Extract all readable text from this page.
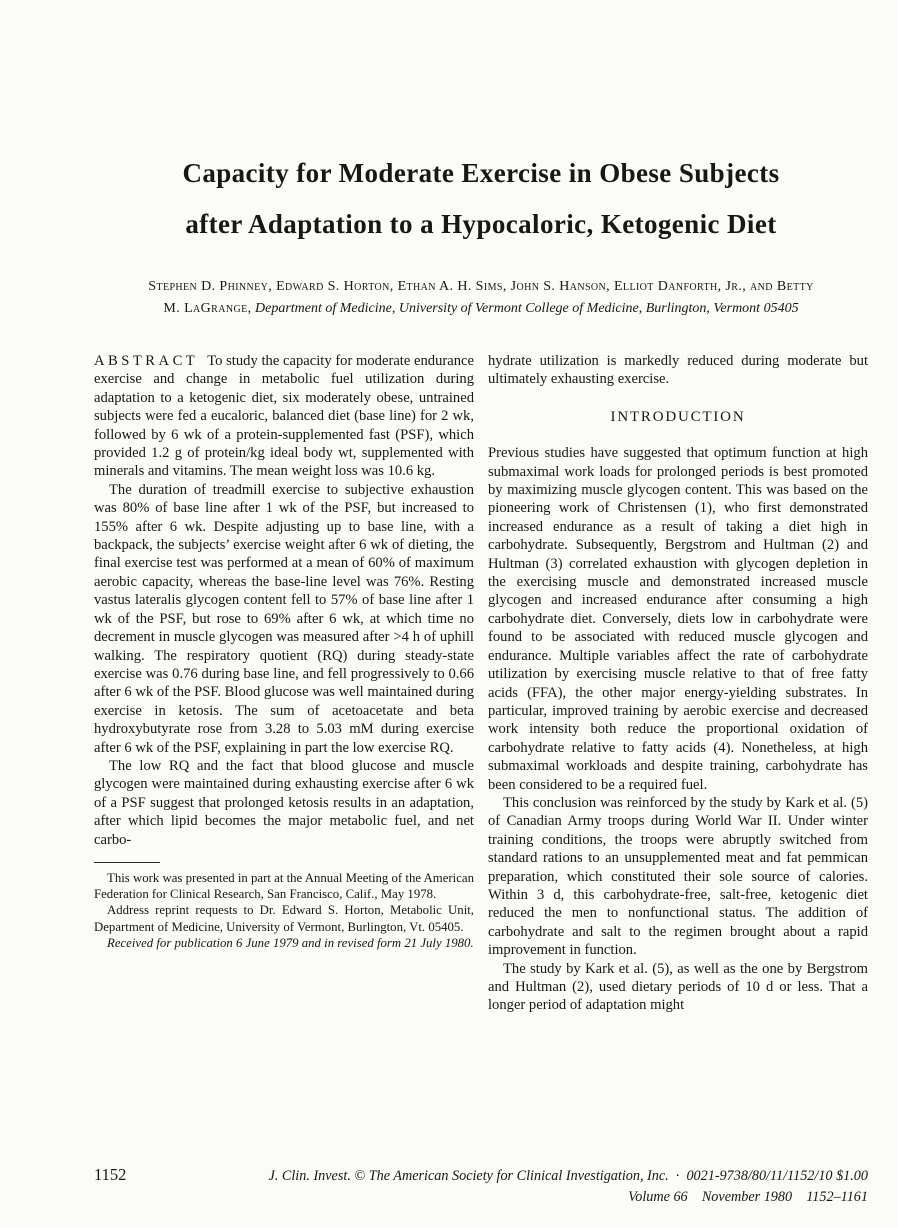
Capacity for Moderate Exercise in Obese Subjects
after Adaptation to a Hypocaloric, Ketogenic Diet

Stephen D. Phinney, Edward S. Horton, Ethan A. H. Sims, John S. Hanson, Elliot Danforth, Jr., and Betty M. LaGrange, Department of Medicine, University of Vermont College of Medicine, Burlington, Vermont 05405

ABSTRACT To study the capacity for moderate endurance exercise and change in metabolic fuel utilization during adaptation to a ketogenic diet, six moderately obese, untrained subjects were fed a eucaloric, balanced diet (base line) for 2 wk, followed by 6 wk of a protein-supplemented fast (PSF), which provided 1.2 g of protein/kg ideal body wt, supplemented with minerals and vitamins. The mean weight loss was 10.6 kg.

The duration of treadmill exercise to subjective exhaustion was 80% of base line after 1 wk of the PSF, but increased to 155% after 6 wk. Despite adjusting up to base line, with a backpack, the subjects’ exercise weight after 6 wk of dieting, the final exercise test was performed at a mean of 60% of maximum aerobic capacity, whereas the base-line level was 76%. Resting vastus lateralis glycogen content fell to 57% of base line after 1 wk of the PSF, but rose to 69% after 6 wk, at which time no decrement in muscle glycogen was measured after >4 h of uphill walking. The respiratory quotient (RQ) during steady-state exercise was 0.76 during base line, and fell progressively to 0.66 after 6 wk of the PSF. Blood glucose was well maintained during exercise in ketosis. The sum of acetoacetate and beta hydroxybutyrate rose from 3.28 to 5.03 mM during exercise after 6 wk of the PSF, explaining in part the low exercise RQ.

The low RQ and the fact that blood glucose and muscle glycogen were maintained during exhausting exercise after 6 wk of a PSF suggest that prolonged ketosis results in an adaptation, after which lipid becomes the major metabolic fuel, and net carbo-

This work was presented in part at the Annual Meeting of the American Federation for Clinical Research, San Francisco, Calif., May 1978.

Address reprint requests to Dr. Edward S. Horton, Metabolic Unit, Department of Medicine, University of Vermont, Burlington, Vt. 05405.

Received for publication 6 June 1979 and in revised form 21 July 1980.

hydrate utilization is markedly reduced during moderate but ultimately exhausting exercise.

INTRODUCTION

Previous studies have suggested that optimum function at high submaximal work loads for prolonged periods is best promoted by maximizing muscle glycogen content. This was based on the pioneering work of Christensen (1), who first demonstrated increased endurance as a result of taking a diet high in carbohydrate. Subsequently, Bergstrom and Hultman (2) and Hultman (3) correlated exhaustion with glycogen depletion in the exercising muscle and demonstrated increased muscle glycogen and increased endurance after consuming a high carbohydrate diet. Conversely, diets low in carbohydrate were found to be associated with reduced muscle glycogen and endurance. Multiple variables affect the rate of carbohydrate utilization by exercising muscle relative to that of free fatty acids (FFA), the other major energy-yielding substrates. In particular, improved training by aerobic exercise and decreased work intensity both reduce the proportional oxidation of carbohydrate relative to fatty acids (4). Nonetheless, at high submaximal workloads and despite training, carbohydrate has been considered to be a required fuel.

This conclusion was reinforced by the study by Kark et al. (5) of Canadian Army troops during World War II. Under winter training conditions, the troops were abruptly switched from standard rations to an unsupplemented meat and fat pemmican preparation, which constituted their sole source of calories. Within 3 d, this carbohydrate-free, salt-free, ketogenic diet reduced the men to nonfunctional status. The addition of carbohydrate and salt to the regimen brought about a rapid improvement in function.

The study by Kark et al. (5), as well as the one by Bergstrom and Hultman (2), used dietary periods of 10 d or less. That a longer period of adaptation might

1152	J. Clin. Invest. © The American Society for Clinical Investigation, Inc. · 0021-9738/80/11/1152/10 $1.00
Volume 66 November 1980 1152–1161
